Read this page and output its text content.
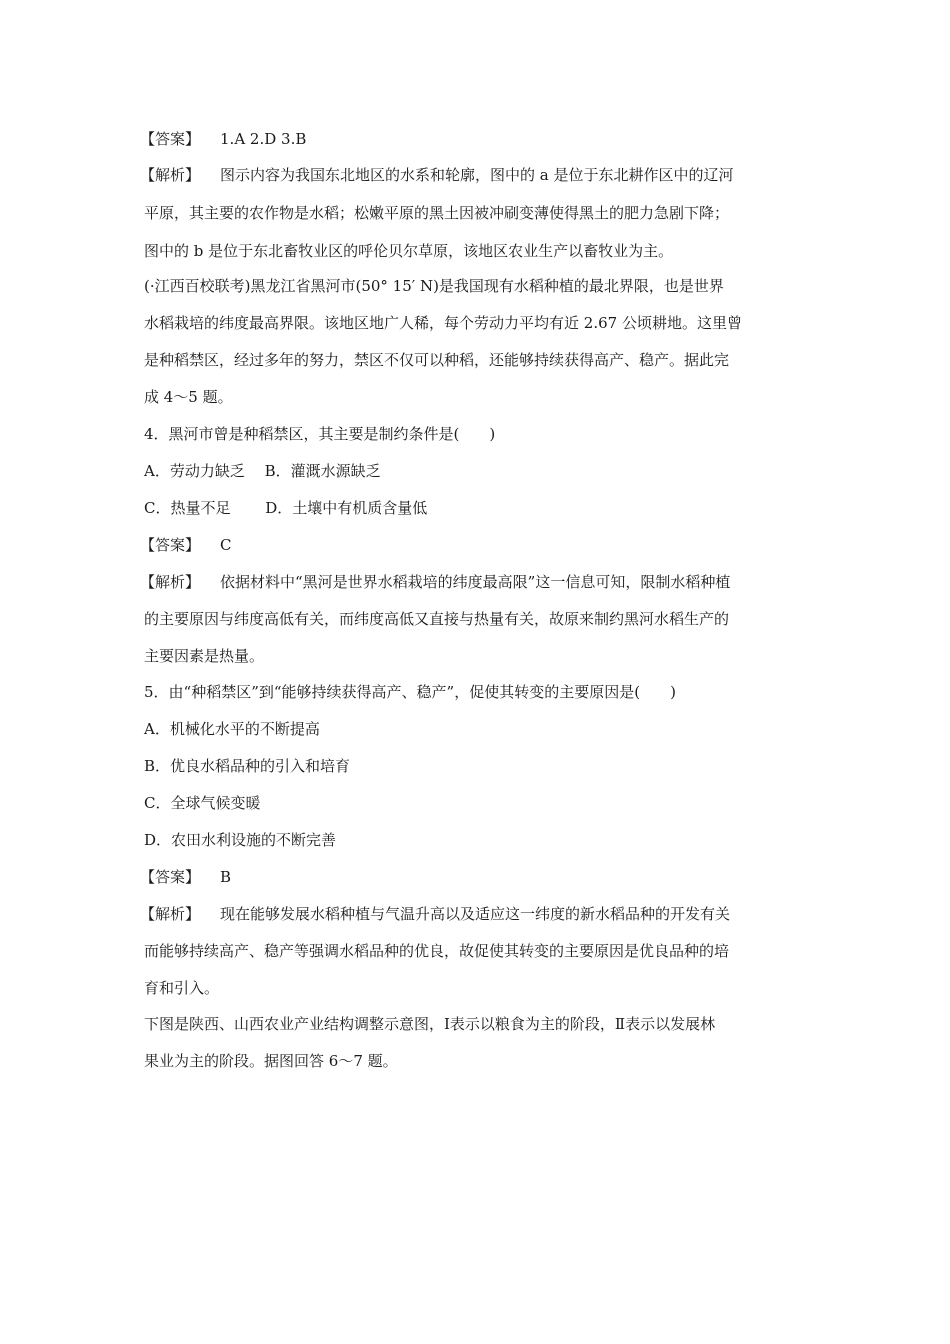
【答案】 1.A 2.D 3.B
【解析】 图示内容为我国东北地区的水系和轮廓，图中的 a 是位于东北耕作区中的辽河
平原，其主要的农作物是水稻；松嫩平原的黑土因被冲刷变薄使得黑土的肥力急剧下降；
图中的 b 是位于东北畜牧业区的呼伦贝尔草原，该地区农业生产以畜牧业为主。
(·江西百校联考)黑龙江省黑河市(50° 15′ N)是我国现有水稻种植的最北界限，也是世界
水稻栽培的纬度最高界限。该地区地广人稀，每个劳动力平均有近 2.67 公顷耕地。这里曾
是种稻禁区，经过多年的努力，禁区不仅可以种稻，还能够持续获得高产、稳产。据此完
成 4～5 题。
4．黑河市曾是种稻禁区，其主要是制约条件是(　　)
A．劳动力缺乏　 B．灌溉水源缺乏
C．热量不足　　 D．土壤中有机质含量低
【答案】 C
【解析】 依据材料中“黑河是世界水稻栽培的纬度最高限”这一信息可知，限制水稻种植
的主要原因与纬度高低有关，而纬度高低又直接与热量有关，故原来制约黑河水稻生产的
主要因素是热量。
5．由“种稻禁区”到“能够持续获得高产、稳产”，促使其转变的主要原因是(　　)
A．机械化水平的不断提高
B．优良水稻品种的引入和培育
C．全球气候变暖
D．农田水利设施的不断完善
【答案】 B
【解析】 现在能够发展水稻种植与气温升高以及适应这一纬度的新水稻品种的开发有关
而能够持续高产、稳产等强调水稻品种的优良，故促使其转变的主要原因是优良品种的培
育和引入。
下图是陕西、山西农业产业结构调整示意图，Ⅰ表示以粮食为主的阶段，Ⅱ表示以发展林
果业为主的阶段。据图回答 6～7 题。
